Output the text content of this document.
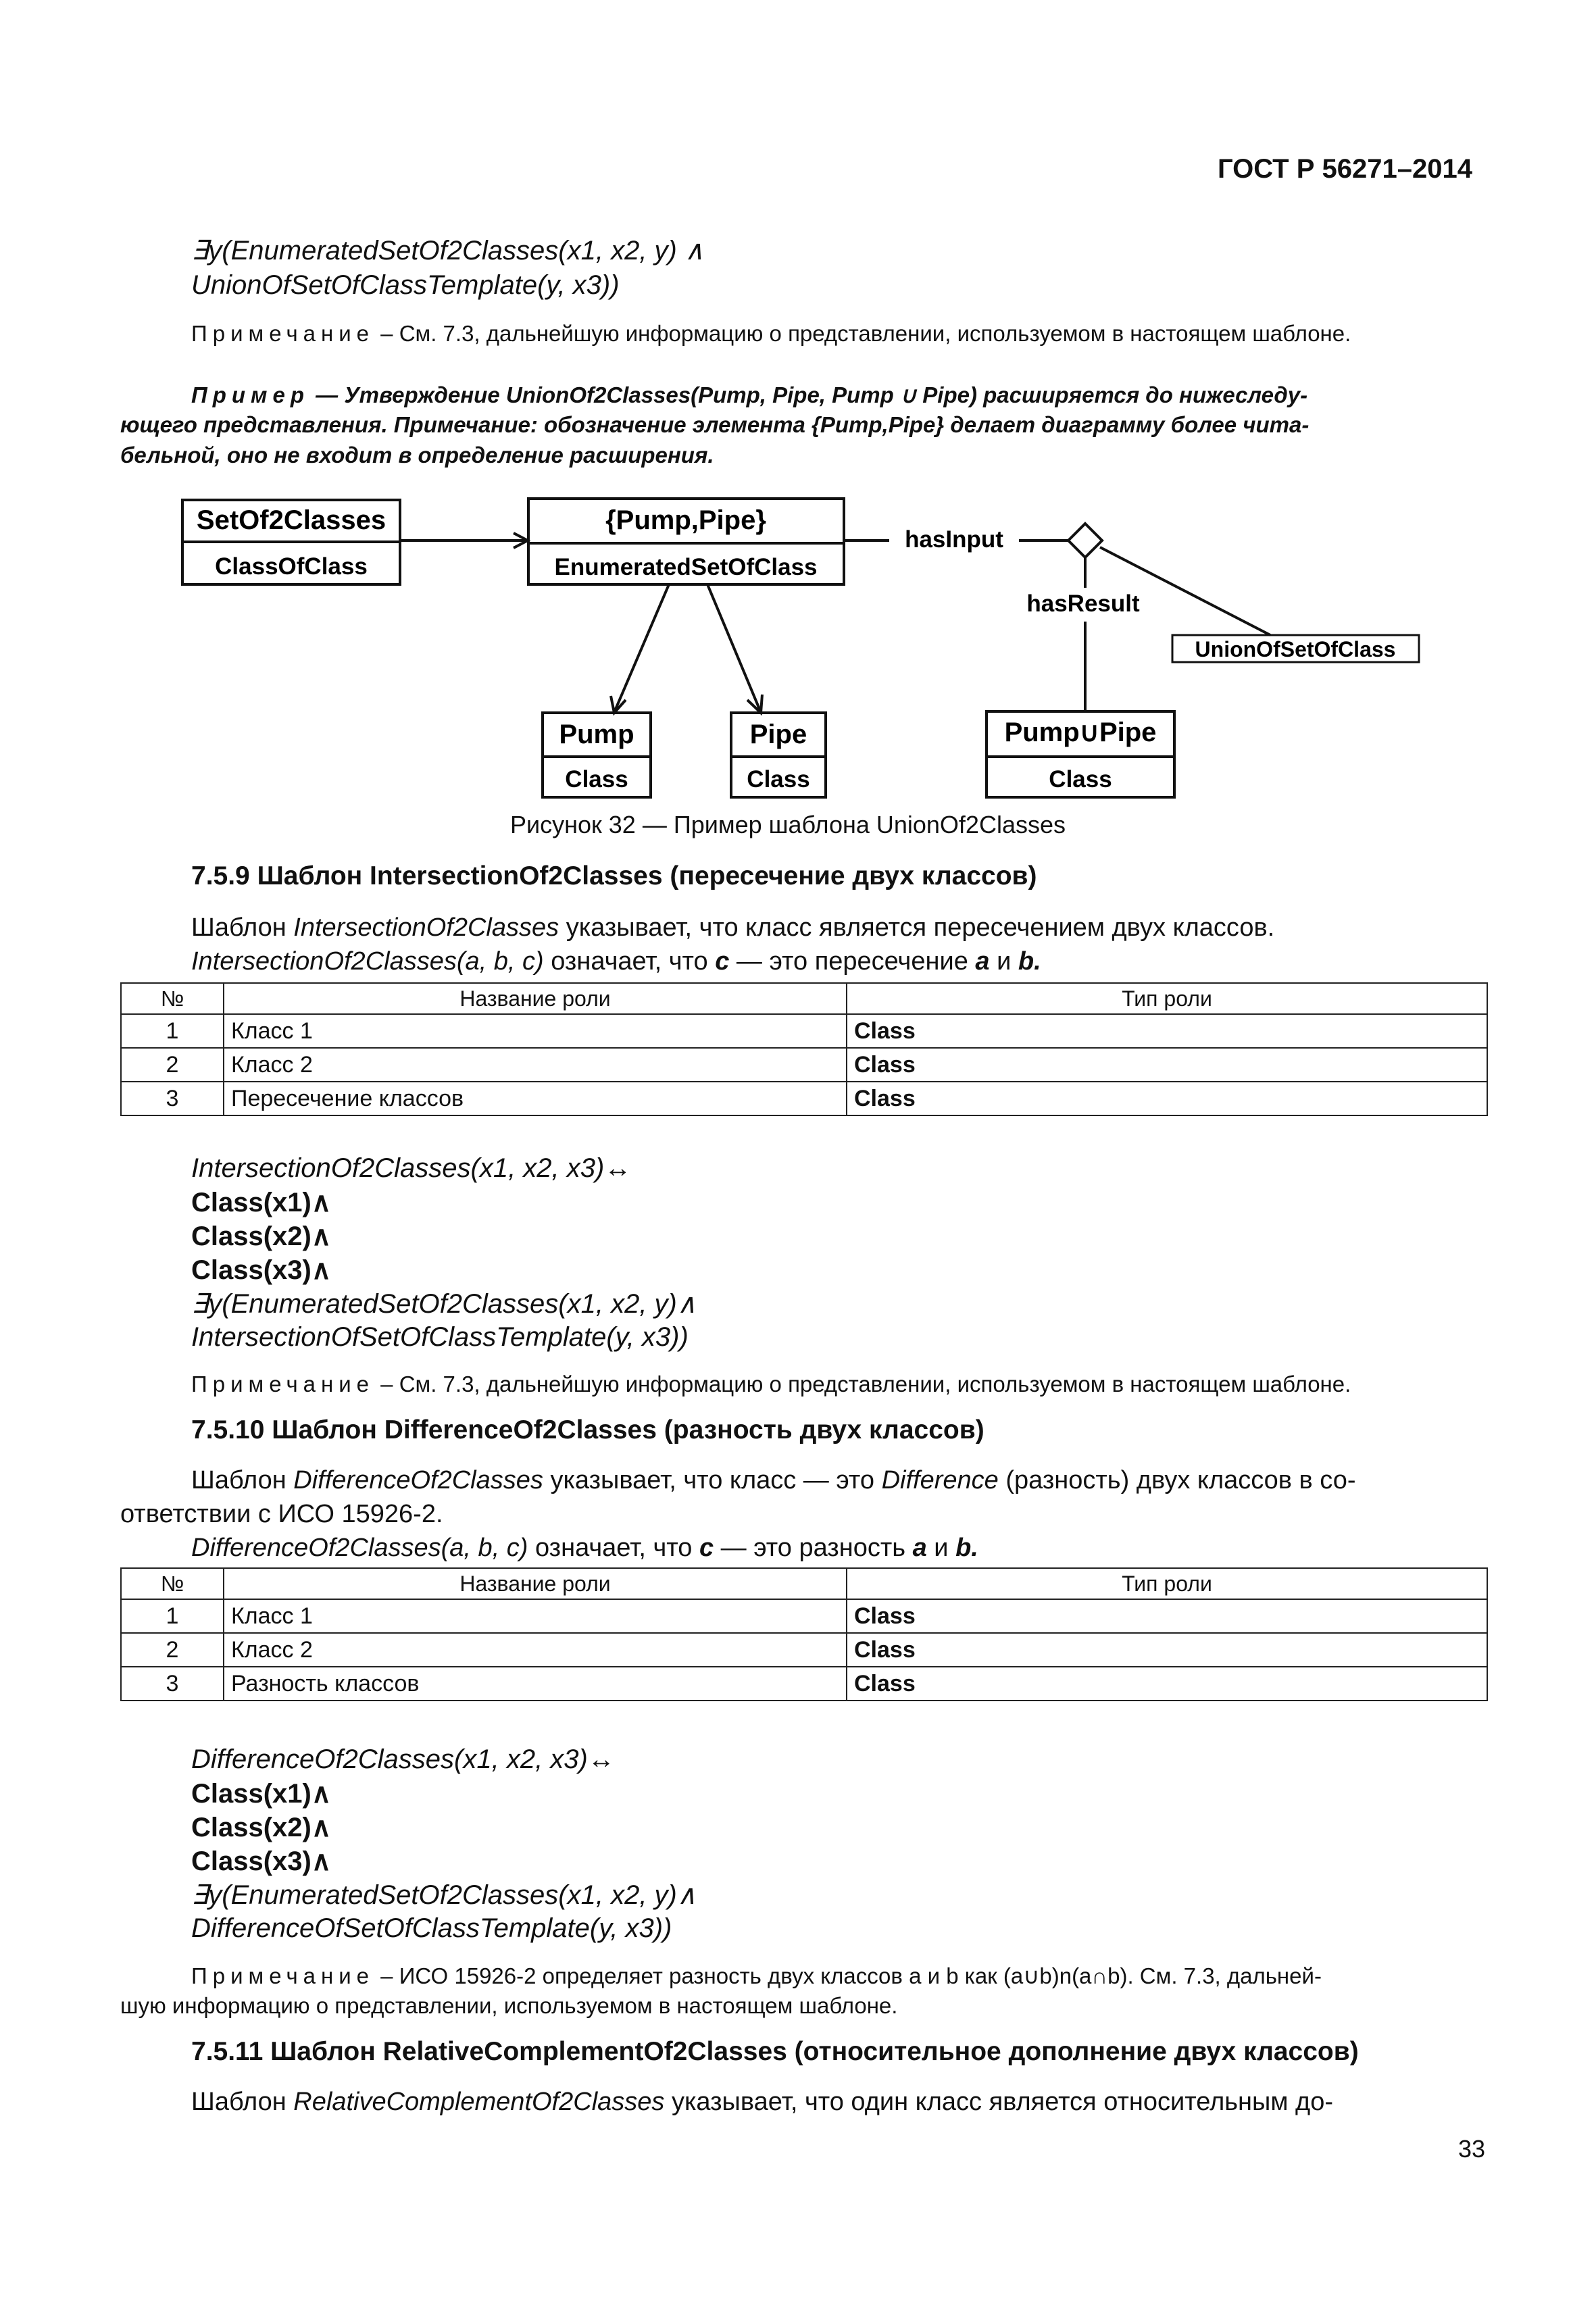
ГОСТ Р 56271–2014
∃y(EnumeratedSetOf2Classes(x1, x2, y) ∧
UnionOfSetOfClassTemplate(y, x3))
Примечание – См. 7.3, дальнейшую информацию о представлении, используемом в настоящем шаблоне.
Пример — Утверждение UnionOf2Classes(Pump, Pipe, Pump ∪ Pipe) расширяется до нижеследу-
ющего представления. Примечание: обозначение элемента {Pump,Pipe} делает диаграмму более чита-
бельной, оно не входит в определение расширения.
SetOf2Classes
ClassOfClass
{Pump,Pipe}
EnumeratedSetOfClass
Pump
Class
Pipe
Class
Pump∪Pipe
Class
UnionOfSetOfClass
hasInput
hasResult
Рисунок 32 — Пример шаблона UnionOf2Classes
7.5.9 Шаблон IntersectionOf2Classes (пересечение двух классов)
Шаблон IntersectionOf2Classes указывает, что класс является пересечением двух классов.
IntersectionOf2Classes(a, b, c) означает, что c — это пересечение a и b.
№	Название роли	Тип роли
1	Класс 1	Class
2	Класс 2	Class
3	Пересечение классов	Class
IntersectionOf2Classes(x1, x2, x3)↔
Class(x1)∧
Class(x2)∧
Class(x3)∧
∃y(EnumeratedSetOf2Classes(x1, x2, y)∧
IntersectionOfSetOfClassTemplate(y, x3))
Примечание – См. 7.3, дальнейшую информацию о представлении, используемом в настоящем шаблоне.
7.5.10 Шаблон DifferenceOf2Classes (разность двух классов)
Шаблон DifferenceOf2Classes указывает, что класс — это Difference (разность) двух классов в со-
ответствии с ИСО 15926-2.
DifferenceOf2Classes(a, b, c) означает, что c — это разность a и b.
№	Название роли	Тип роли
1	Класс 1	Class
2	Класс 2	Class
3	Разность классов	Class
DifferenceOf2Classes(x1, x2, x3)↔
Class(x1)∧
Class(x2)∧
Class(x3)∧
∃y(EnumeratedSetOf2Classes(x1, x2, y)∧
DifferenceOfSetOfClassTemplate(y, x3))
Примечание – ИСО 15926-2 определяет разность двух классов a и b как (a∪b)n(a∩b). См. 7.3, дальней-
шую информацию о представлении, используемом в настоящем шаблоне.
7.5.11 Шаблон RelativeComplementOf2Classes (относительное дополнение двух классов)
Шаблон RelativeComplementOf2Classes указывает, что один класс является относительным до-
33
